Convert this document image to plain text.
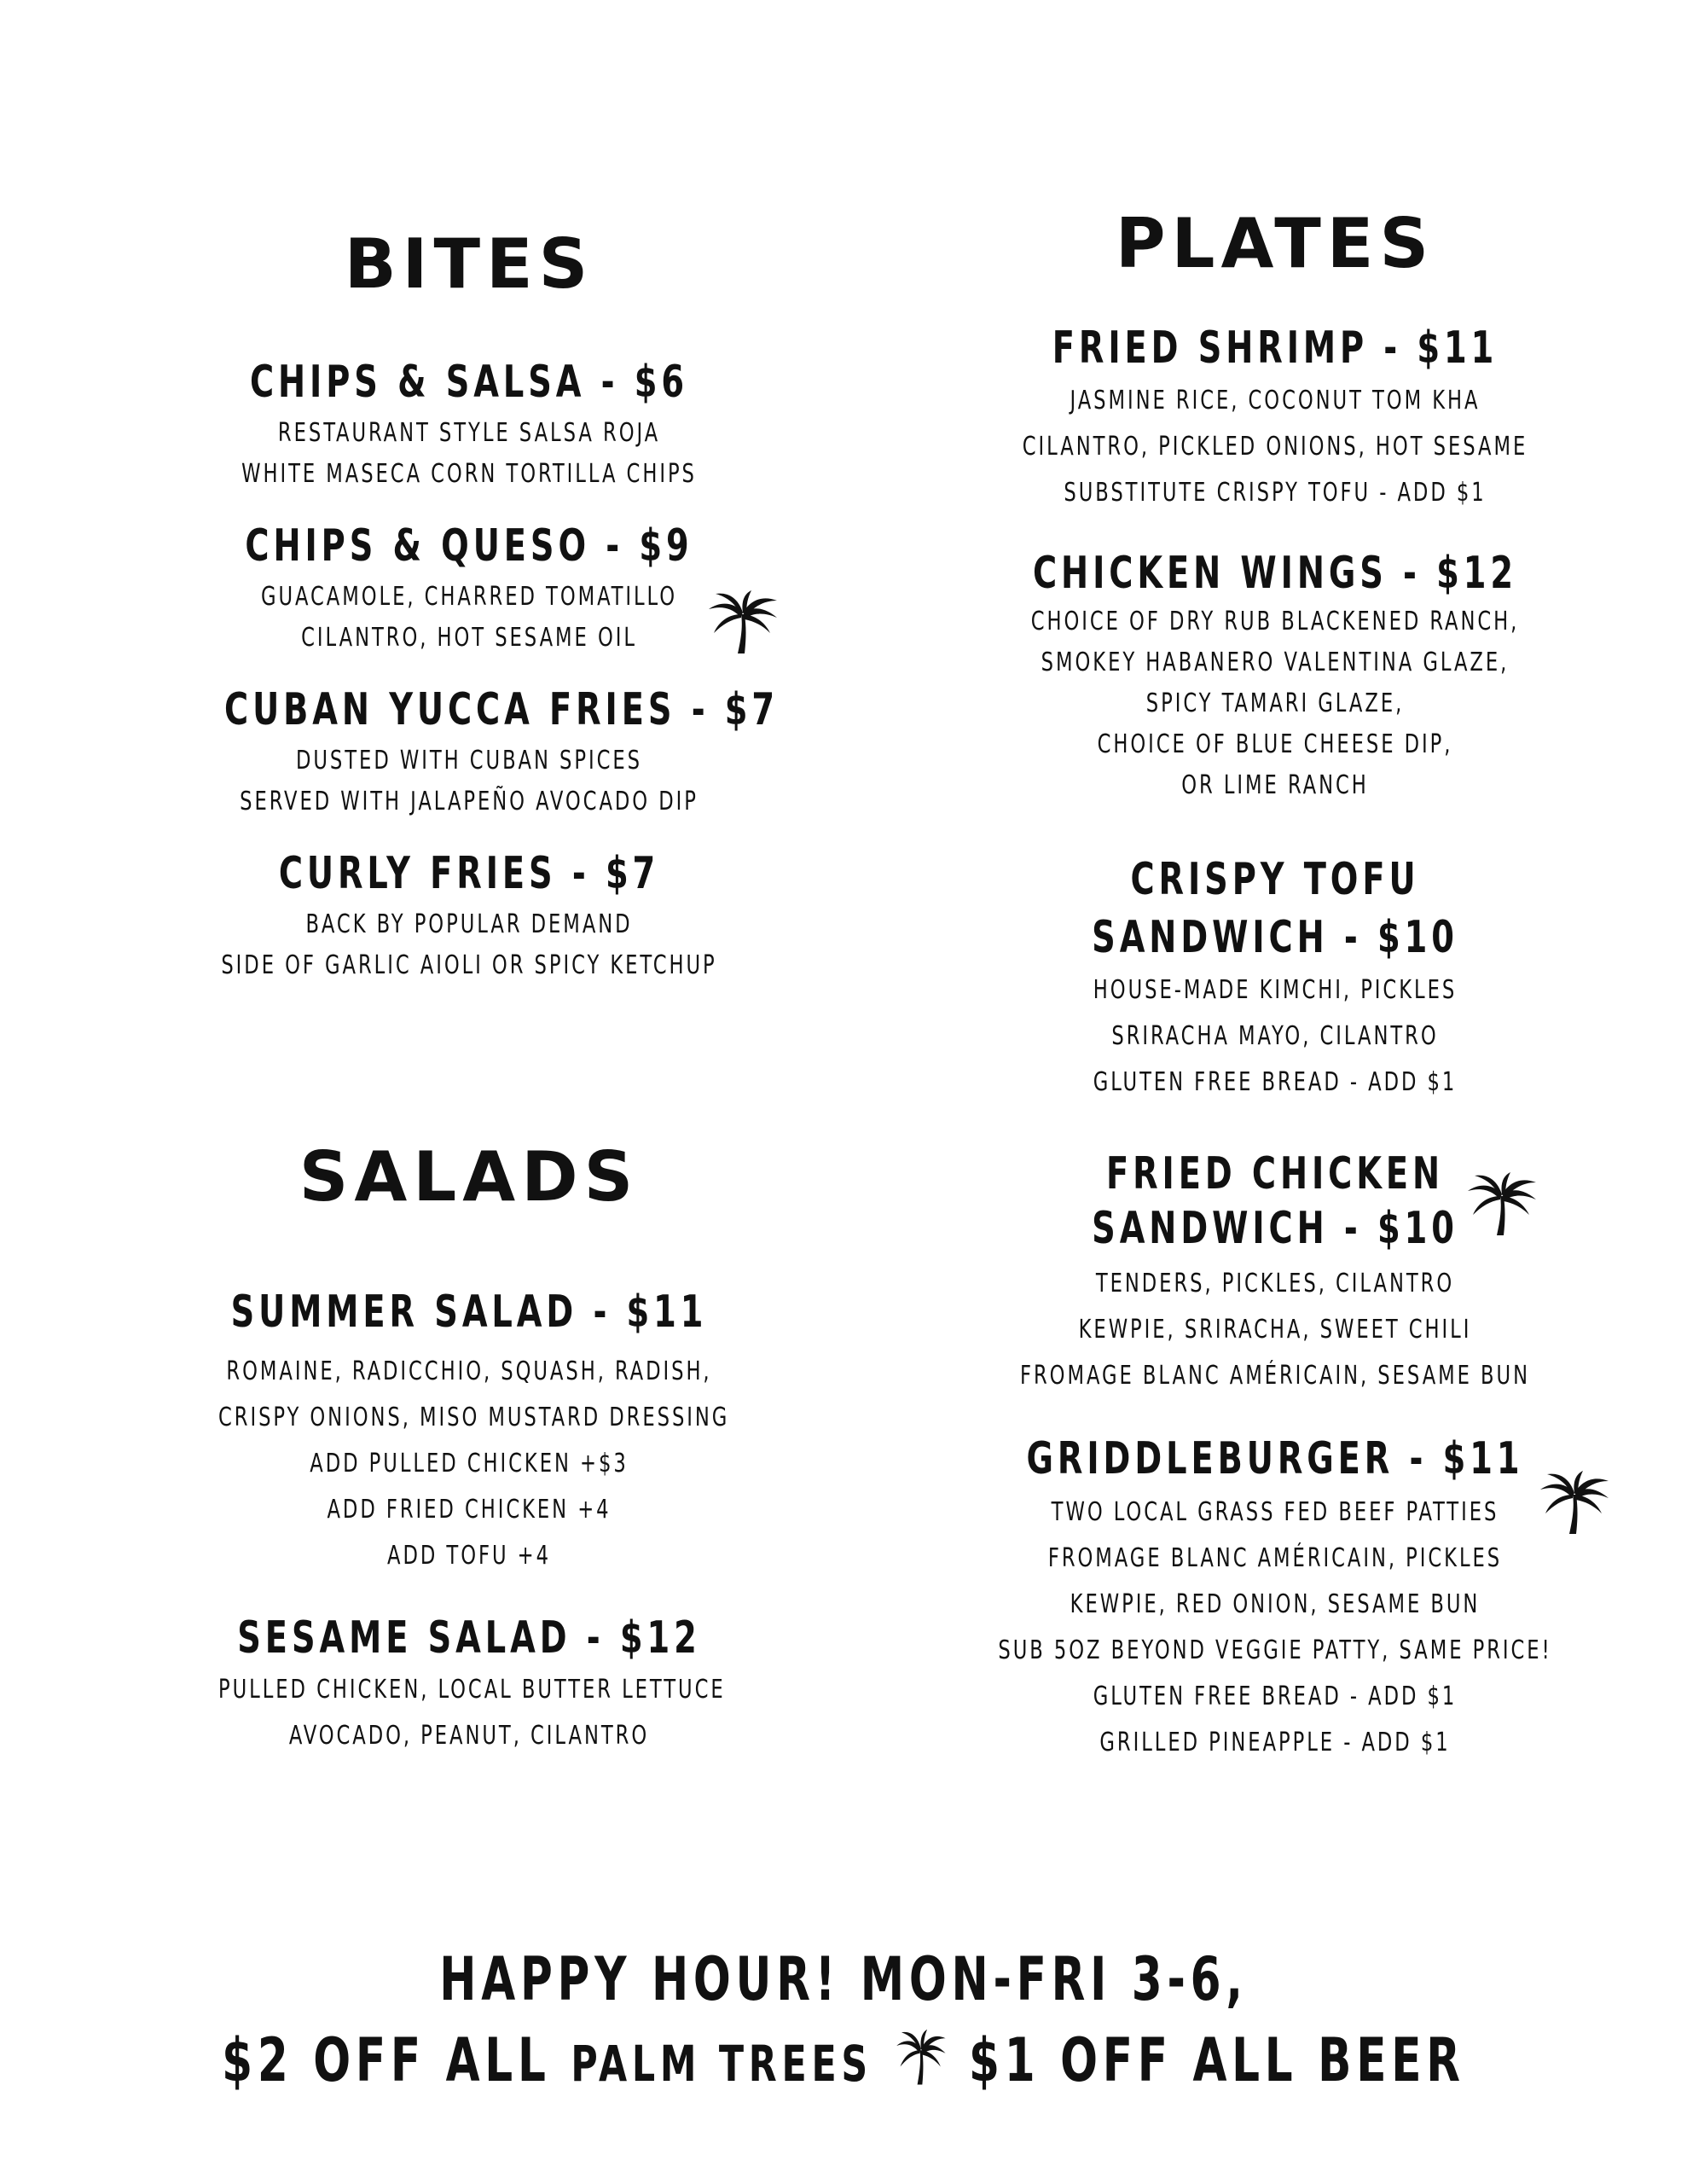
BITES
CHIPS & SALSA - $6
RESTAURANT STYLE SALSA ROJA
WHITE MASECA CORN TORTILLA CHIPS
CHIPS & QUESO - $9
GUACAMOLE, CHARRED TOMATILLO
CILANTRO, HOT SESAME OIL
CUBAN YUCCA FRIES - $7
DUSTED WITH CUBAN SPICES
SERVED WITH JALAPEÑO AVOCADO DIP
CURLY FRIES - $7
BACK BY POPULAR DEMAND
SIDE OF GARLIC AIOLI OR SPICY KETCHUP
SALADS
SUMMER SALAD - $11
ROMAINE, RADICCHIO, SQUASH, RADISH,
CRISPY ONIONS, MISO MUSTARD DRESSING
ADD PULLED CHICKEN +$3
ADD FRIED CHICKEN +4
ADD TOFU +4
SESAME SALAD - $12
PULLED CHICKEN, LOCAL BUTTER LETTUCE
AVOCADO, PEANUT, CILANTRO
PLATES
FRIED SHRIMP - $11
JASMINE RICE, COCONUT TOM KHA
CILANTRO, PICKLED ONIONS, HOT SESAME
SUBSTITUTE CRISPY TOFU - ADD $1
CHICKEN WINGS - $12
CHOICE OF DRY RUB BLACKENED RANCH,
SMOKEY HABANERO VALENTINA GLAZE,
SPICY TAMARI GLAZE,
CHOICE OF BLUE CHEESE DIP,
OR LIME RANCH
CRISPY TOFU
SANDWICH - $10
HOUSE-MADE KIMCHI, PICKLES
SRIRACHA MAYO, CILANTRO
GLUTEN FREE BREAD - ADD $1
FRIED CHICKEN
SANDWICH - $10
TENDERS, PICKLES, CILANTRO
KEWPIE, SRIRACHA, SWEET CHILI
FROMAGE BLANC AMÉRICAIN, SESAME BUN
GRIDDLEBURGER - $11
TWO LOCAL GRASS FED BEEF PATTIES
FROMAGE BLANC AMÉRICAIN, PICKLES
KEWPIE, RED ONION, SESAME BUN
SUB 5OZ BEYOND VEGGIE PATTY, SAME PRICE!
GLUTEN FREE BREAD - ADD $1
GRILLED PINEAPPLE - ADD $1
HAPPY HOUR! MON-FRI 3-6,
$2 OFF ALL PALM TREES $1 OFF ALL BEER
